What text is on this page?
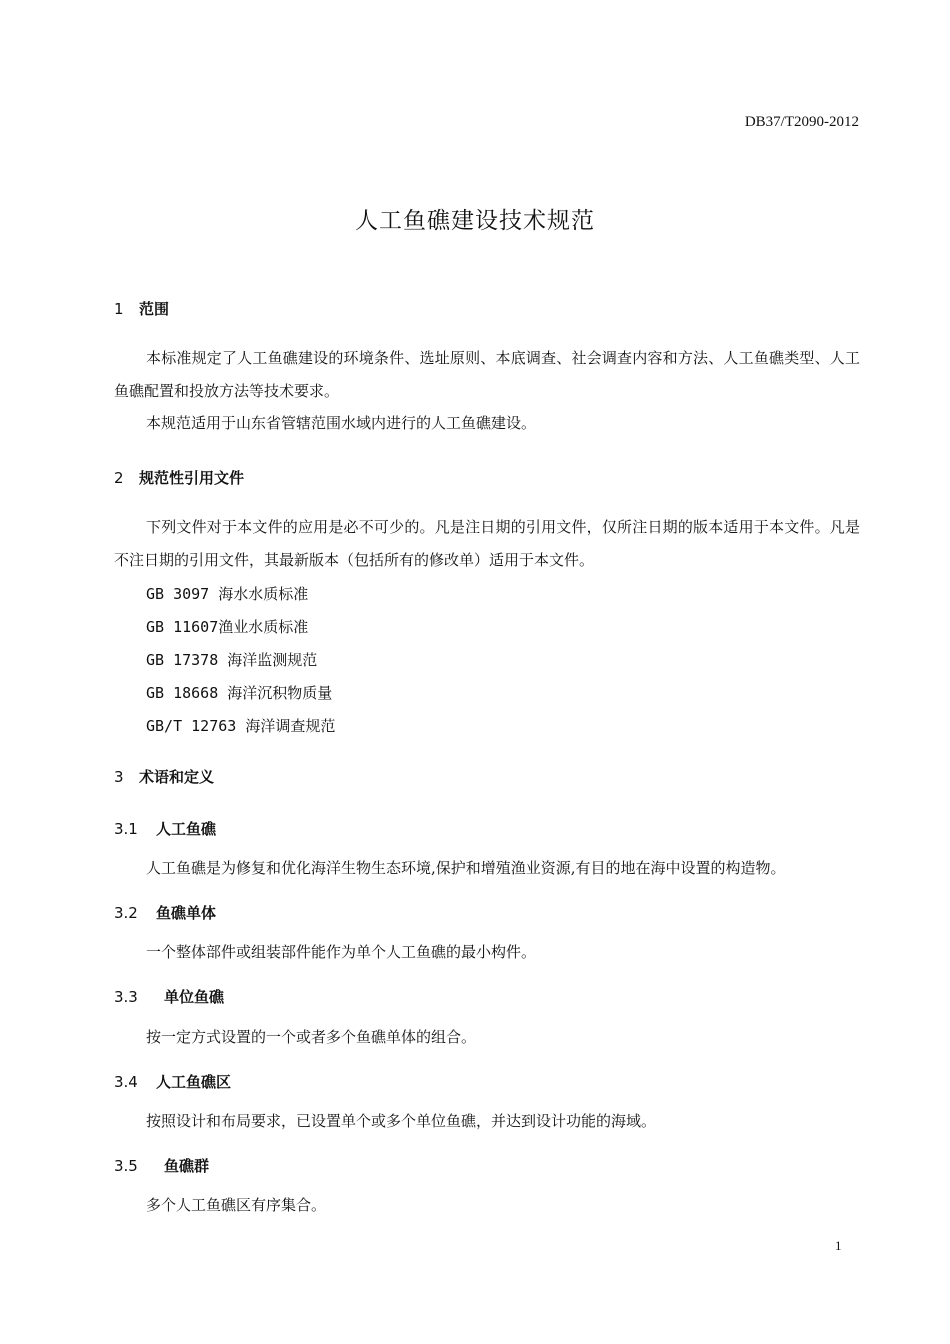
DB37/T2090-2012
人工鱼礁建设技术规范
1 范围
本标准规定了人工鱼礁建设的环境条件、选址原则、本底调查、社会调查内容和方法、人工鱼礁类型、人工鱼礁配置和投放方法等技术要求。
本规范适用于山东省管辖范围水域内进行的人工鱼礁建设。
2 规范性引用文件
下列文件对于本文件的应用是必不可少的。凡是注日期的引用文件，仅所注日期的版本适用于本文件。凡是不注日期的引用文件，其最新版本（包括所有的修改单）适用于本文件。
GB 3097 海水水质标准
GB 11607渔业水质标准
GB 17378 海洋监测规范
GB 18668 海洋沉积物质量
GB/T 12763 海洋调查规范
3 术语和定义
3.1 人工鱼礁
人工鱼礁是为修复和优化海洋生物生态环境,保护和增殖渔业资源,有目的地在海中设置的构造物。
3.2 鱼礁单体
一个整体部件或组装部件能作为单个人工鱼礁的最小构件。
3.3 单位鱼礁
按一定方式设置的一个或者多个鱼礁单体的组合。
3.4 人工鱼礁区
按照设计和布局要求，已设置单个或多个单位鱼礁，并达到设计功能的海域。
3.5 鱼礁群
多个人工鱼礁区有序集合。
1
